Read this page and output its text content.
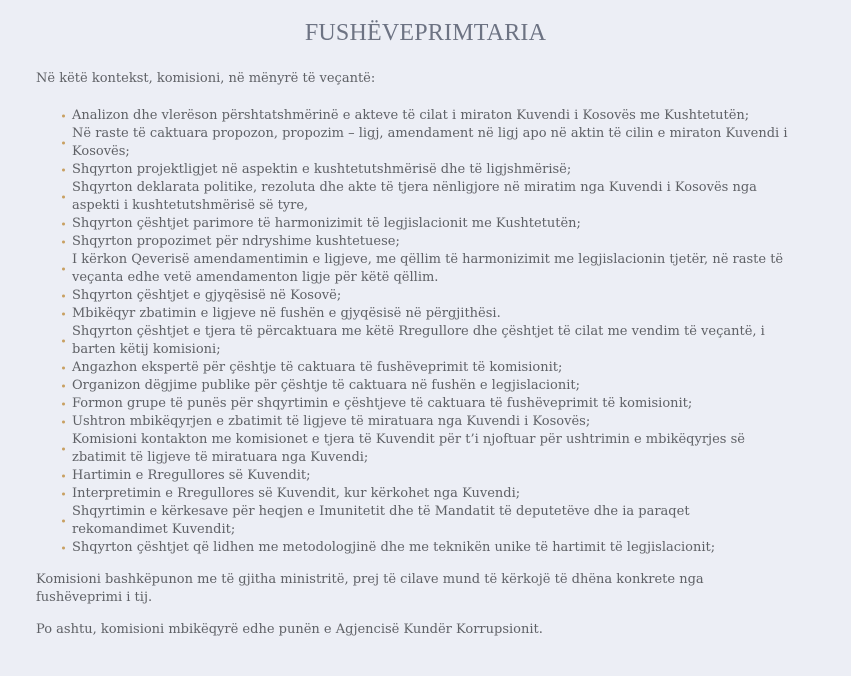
FUSHËVEPRIMTARIA

Në këtë kontekst, komisioni, në mënyrë të veçantë:

Analizon dhe vlerëson përshtatshmërinë e akteve të cilat i miraton Kuvendi i Kosovës me Kushtetutën;
Në raste të caktuara propozon, propozim – ligj, amendament në ligj apo në aktin të cilin e miraton Kuvendi i Kosovës;
Shqyrton projektligjet në aspektin e kushtetutshmërisë dhe të ligjshmërisë;
Shqyrton deklarata politike, rezoluta dhe akte të tjera nënligjore në miratim nga Kuvendi i Kosovës nga aspekti i kushtetutshmërisë së tyre,
Shqyrton çështjet parimore të harmonizimit të legjislacionit me Kushtetutën;
Shqyrton propozimet për ndryshime kushtetuese;
I kërkon Qeverisë amendamentimin e ligjeve, me qëllim të harmonizimit me legjislacionin tjetër, në raste të veçanta edhe vetë amendamenton ligje për këtë qëllim.
Shqyrton çështjet e gjyqësisë në Kosovë;
Mbikëqyr zbatimin e ligjeve në fushën e gjyqësisë në përgjithësi.
Shqyrton çështjet e tjera të përcaktuara me këtë Rregullore dhe çështjet të cilat me vendim të veçantë, i barten këtij komisioni;
Angazhon ekspertë për çështje të caktuara të fushëveprimit të komisionit;
Organizon dëgjime publike për çështje të caktuara në fushën e legjislacionit;
Formon grupe të punës për shqyrtimin e çështjeve të caktuara të fushëveprimit të komisionit;
Ushtron mbikëqyrjen e zbatimit të ligjeve të miratuara nga Kuvendi i Kosovës;
Komisioni kontakton me komisionet e tjera të Kuvendit për t’i njoftuar për ushtrimin e mbikëqyrjes së zbatimit të ligjeve të miratuara nga Kuvendi;
Hartimin e Rregullores së Kuvendit;
Interpretimin e Rregullores së Kuvendit, kur kërkohet nga Kuvendi;
Shqyrtimin e kërkesave për heqjen e Imunitetit dhe të Mandatit të deputetëve dhe ia paraqet rekomandimet Kuvendit;
Shqyrton çështjet që lidhen me metodologjinë dhe me teknikën unike të hartimit të legjislacionit;

Komisioni bashkëpunon me të gjitha ministritë, prej të cilave mund të kërkojë të dhëna konkrete nga fushëveprimi i tij.

Po ashtu, komisioni mbikëqyrë edhe punën e Agjencisë Kundër Korrupsionit.
